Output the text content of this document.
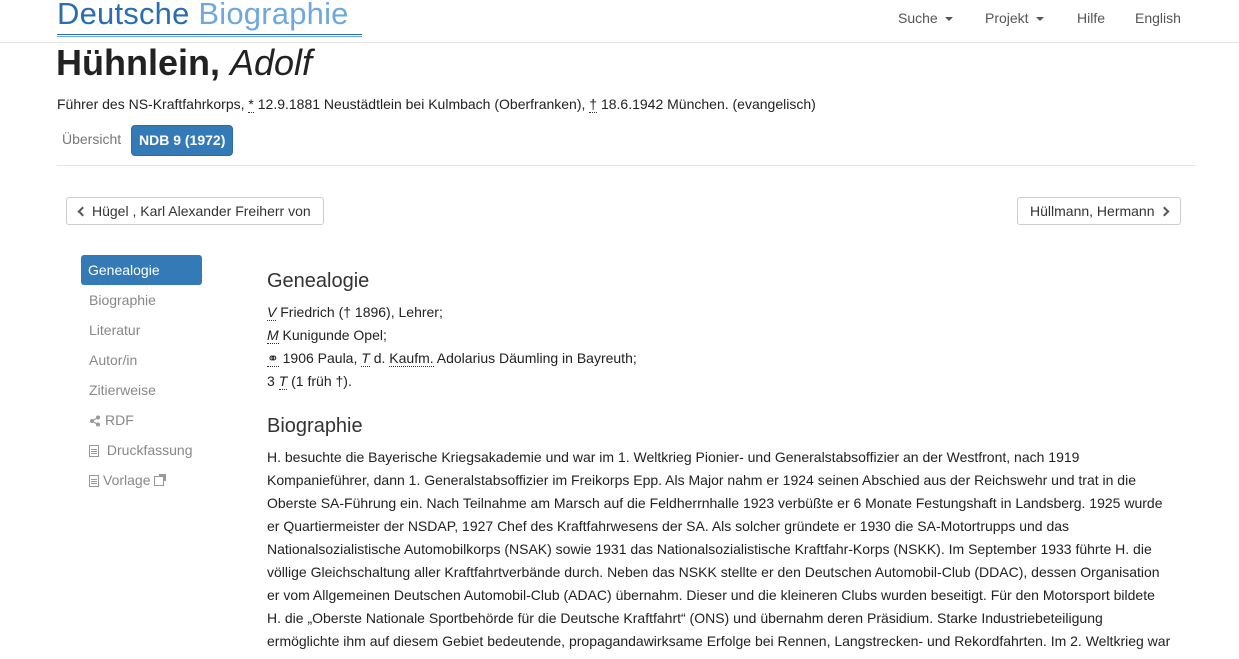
Deutsche Biographie	Suche	Projekt	Hilfe English
Hühnlein, Adolf
Führer des NS-Kraftfahrkorps, * 12.9.1881 Neustädtlein bei Kulmbach (Oberfranken), † 18.6.1942 München. (evangelisch)
Übersicht	NDB 9 (1972)
Hügel , Karl Alexander Freiherr von	Hüllmann, Hermann
Genealogie
Biographie
Literatur
Autor/in
Zitierweise
RDF
Druckfassung
Vorlage
Genealogie
V Friedrich († 1896), Lehrer;
M Kunigunde Opel;
⚭ 1906 Paula, T d. Kaufm. Adolarius Däumling in Bayreuth;
3 T (1 früh †).
Biographie
H. besuchte die Bayerische Kriegsakademie und war im 1. Weltkrieg Pionier- und Generalstabsoffizier an der Westfront, nach 1919
Kompanieführer, dann 1. Generalstabsoffizier im Freikorps Epp. Als Major nahm er 1924 seinen Abschied aus der Reichswehr und trat in die
Oberste SA-Führung ein. Nach Teilnahme am Marsch auf die Feldherrnhalle 1923 verbüßte er 6 Monate Festungshaft in Landsberg. 1925 wurde
er Quartiermeister der NSDAP, 1927 Chef des Kraftfahrwesens der SA. Als solcher gründete er 1930 die SA-Motortrupps und das
Nationalsozialistische Automobilkorps (NSAK) sowie 1931 das Nationalsozialistische Kraftfahr-Korps (NSKK). Im September 1933 führte H. die
völlige Gleichschaltung aller Kraftfahrtverbände durch. Neben das NSKK stellte er den Deutschen Automobil-Club (DDAC), dessen Organisation
er vom Allgemeinen Deutschen Automobil-Club (ADAC) übernahm. Dieser und die kleineren Clubs wurden beseitigt. Für den Motorsport bildete
H. die „Oberste Nationale Sportbehörde für die Deutsche Kraftfahrt“ (ONS) und übernahm deren Präsidium. Starke Industriebeteiligung
ermöglichte ihm auf diesem Gebiet bedeutende, propagandawirksame Erfolge bei Rennen, Langstrecken- und Rekordfahrten. Im 2. Weltkrieg war
